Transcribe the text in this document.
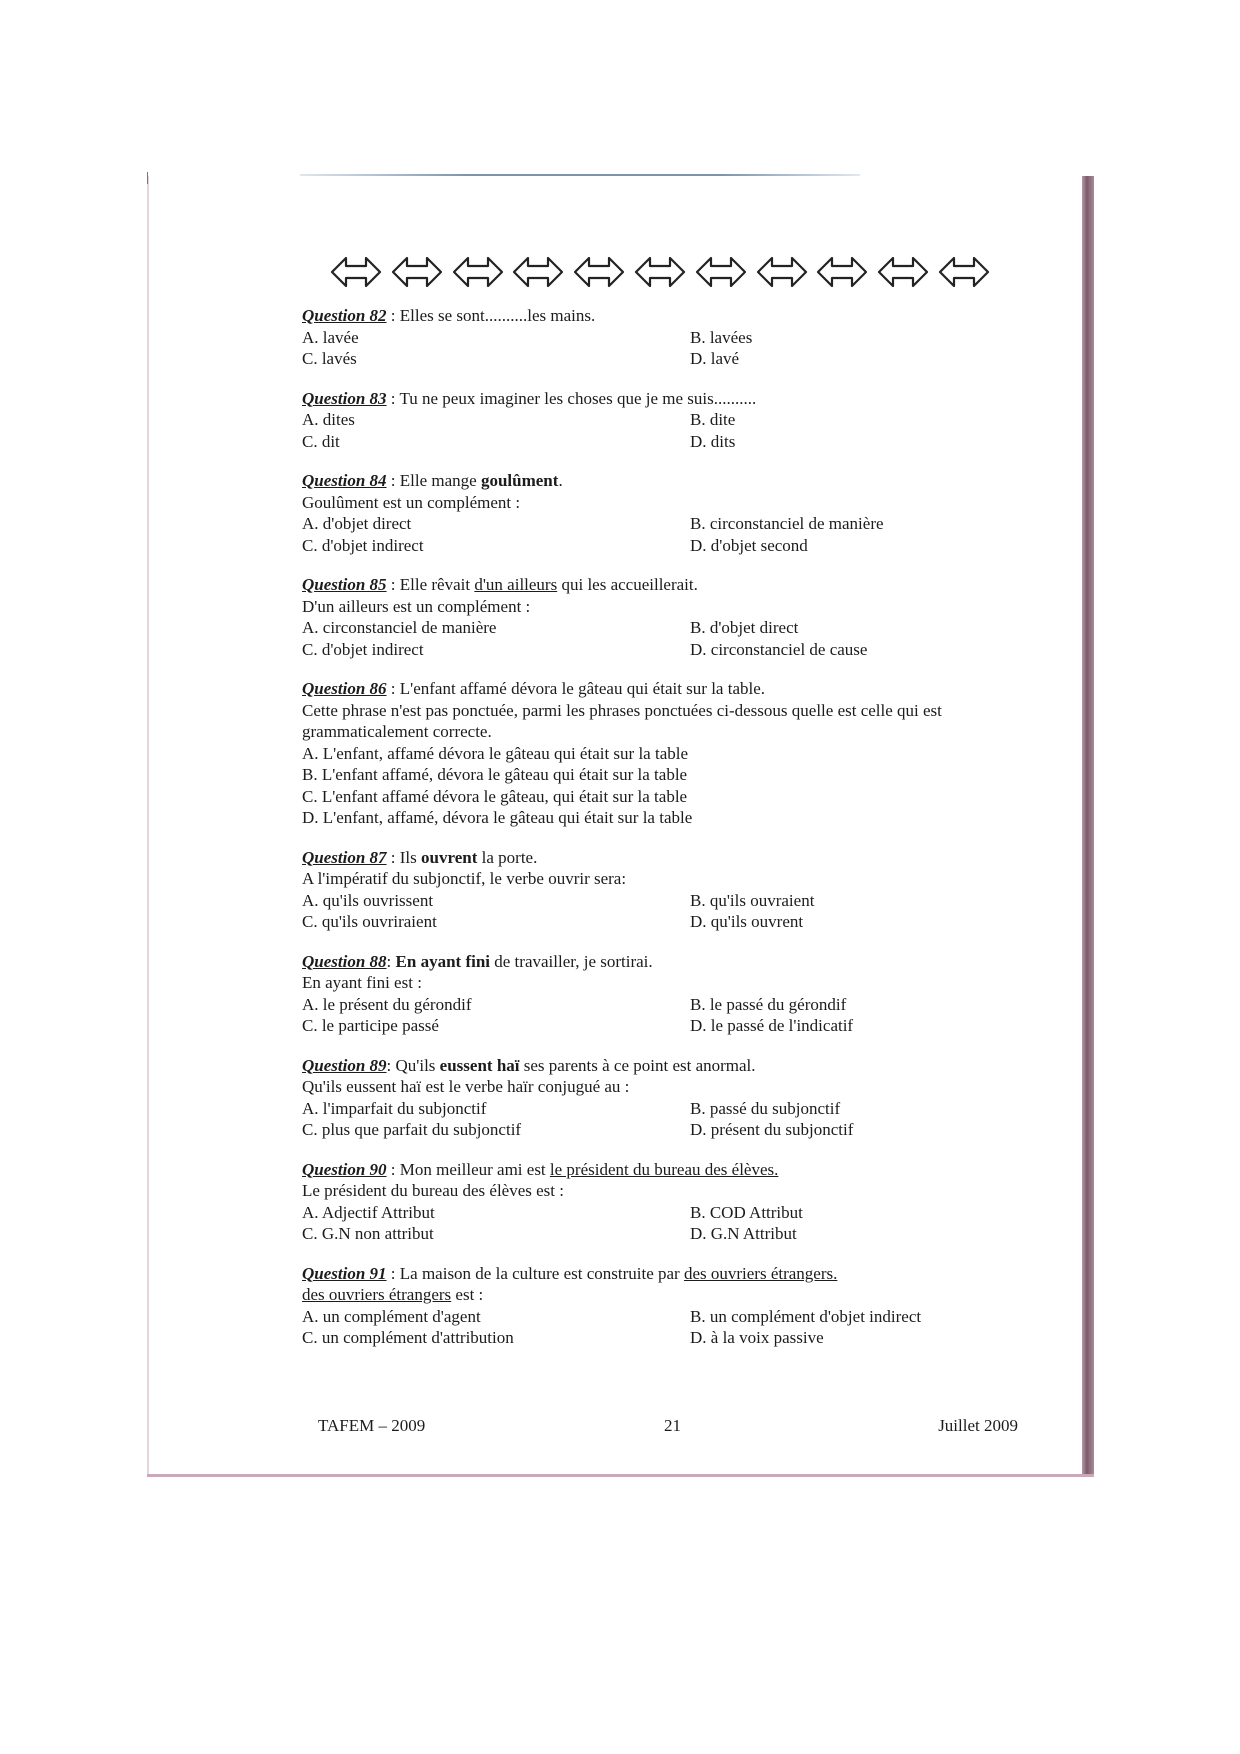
Question 82 : Elles se sont..........les mains.
A. lavée	B. lavées
C. lavés	D. lavé
Question 83 : Tu ne peux imaginer les choses que je me suis..........
A. dites	B. dite
C. dit	D. dits
Question 84 : Elle mange goulûment.
Goulûment est un complément :
A. d'objet direct	B. circonstanciel de manière
C. d'objet indirect	D. d'objet second
Question 85 : Elle rêvait d'un ailleurs qui les accueillerait.
D'un ailleurs est un complément :
A. circonstanciel de manière	B. d'objet direct
C. d'objet indirect	D. circonstanciel de cause
Question 86 : L'enfant affamé dévora le gâteau qui était sur la table.
Cette phrase n'est pas ponctuée, parmi les phrases ponctuées ci-dessous quelle est celle qui est grammaticalement correcte.
A. L'enfant, affamé dévora le gâteau qui était sur la table
B. L'enfant affamé, dévora le gâteau qui était sur la table
C. L'enfant affamé dévora le gâteau, qui était sur la table
D. L'enfant, affamé, dévora le gâteau qui était sur la table
Question 87 : Ils ouvrent la porte.
A l'impératif du subjonctif, le verbe ouvrir sera:
A. qu'ils ouvrissent	B. qu'ils ouvraient
C. qu'ils ouvriraient	D. qu'ils ouvrent
Question 88: En ayant fini de travailler, je sortirai.
En ayant fini est :
A. le présent du gérondif	B. le passé du gérondif
C. le participe passé	D. le passé de l'indicatif
Question 89: Qu'ils eussent haï ses parents à ce point est anormal.
Qu'ils eussent haï est le verbe haïr conjugué au :
A. l'imparfait du subjonctif	B. passé du subjonctif
C. plus que parfait du subjonctif	D. présent du subjonctif
Question 90 : Mon meilleur ami est le président du bureau des élèves.
Le président du bureau des élèves est :
A. Adjectif Attribut	B. COD Attribut
C. G.N non attribut	D. G.N Attribut
Question 91 : La maison de la culture est construite par des ouvriers étrangers.
des ouvriers étrangers est :
A. un complément d'agent	B. un complément d'objet indirect
C. un complément d'attribution	D. à la voix passive
TAFEM – 2009	21	Juillet 2009
